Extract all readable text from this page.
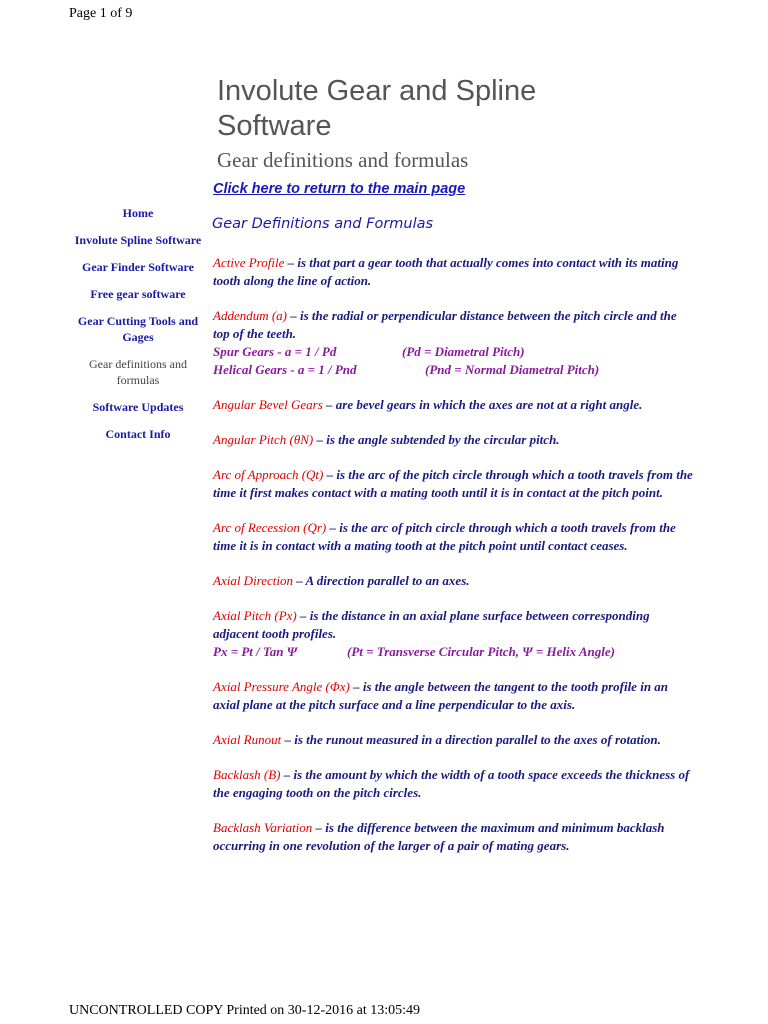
Page 1 of 9
Involute Gear and Spline Software
Gear definitions and formulas
Click here to return to the main page
Home
Involute Spline Software
Gear Finder Software
Free gear software
Gear Cutting Tools and Gages
Gear definitions and formulas
Software Updates
Contact Info
Gear Definitions and Formulas

Active Profile – is that part a gear tooth that actually comes into contact with its mating tooth along the line of action.

Addendum (a) – is the radial or perpendicular distance between the pitch circle and the top of the teeth.
Spur Gears - a = 1 / Pd	(Pd = Diametral Pitch)
Helical Gears - a = 1 / Pnd	(Pnd = Normal Diametral Pitch)

Angular Bevel Gears – are bevel gears in which the axes are not at a right angle.

Angular Pitch (θN) – is the angle subtended by the circular pitch.

Arc of Approach (Qt) – is the arc of the pitch circle through which a tooth travels from the time it first makes contact with a mating tooth until it is in contact at the pitch point.

Arc of Recession (Qr) – is the arc of pitch circle through which a tooth travels from the time it is in contact with a mating tooth at the pitch point until contact ceases.

Axial Direction – A direction parallel to an axes.

Axial Pitch (Px) – is the distance in an axial plane surface between corresponding adjacent tooth profiles.
Px = Pt / Tan Ψ	(Pt = Transverse Circular Pitch, Ψ = Helix Angle)

Axial Pressure Angle (Φx) – is the angle between the tangent to the tooth profile in an axial plane at the pitch surface and a line perpendicular to the axis.

Axial Runout – is the runout measured in a direction parallel to the axes of rotation.

Backlash (B) – is the amount by which the width of a tooth space exceeds the thickness of the engaging tooth on the pitch circles.

Backlash Variation – is the difference between the maximum and minimum backlash occurring in one revolution of the larger of a pair of mating gears.

UNCONTROLLED COPY Printed on 30-12-2016 at 13:05:49
